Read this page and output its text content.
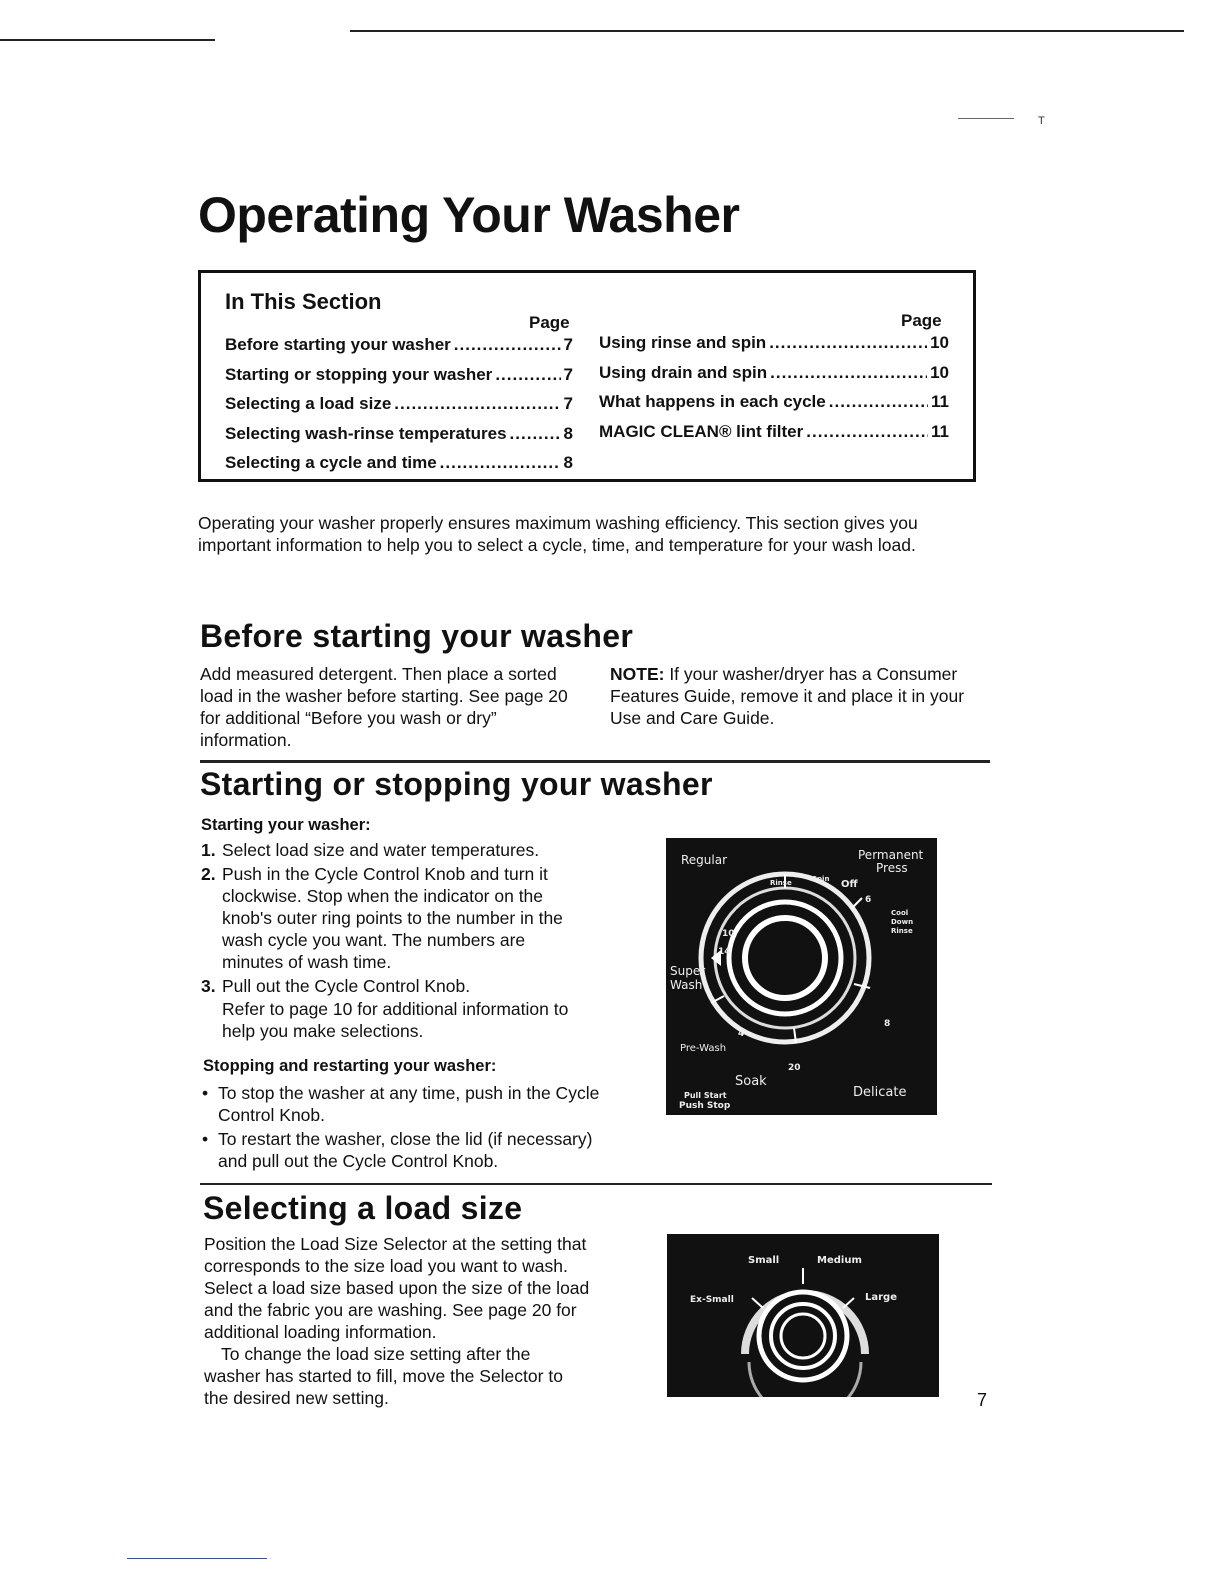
T
Operating Your Washer
In This Section
Page	Page
Before starting your washer .....	7
Starting or stopping your washer .....	7
Selecting a load size .....	7
Selecting wash-rinse temperatures .....	8
Selecting a cycle and time .....	8
Using rinse and spin .....	10
Using drain and spin .....	10
What happens in each cycle .....	11
MAGIC CLEAN® lint filter .....	11

Operating your washer properly ensures maximum washing efficiency. This section gives you important information to help you to select a cycle, time, and temperature for your wash load.

Before starting your washer

Add measured detergent. Then place a sorted load in the washer before starting. See page 20 for additional “Before you wash or dry” information.

NOTE: If your washer/dryer has a Consumer Features Guide, remove it and place it in your Use and Care Guide.

Starting or stopping your washer
Starting your washer:
1. Select load size and water temperatures.
2. Push in the Cycle Control Knob and turn it clockwise. Stop when the indicator on the knob's outer ring points to the number in the wash cycle you want. The numbers are minutes of wash time.
3. Pull out the Cycle Control Knob.
Refer to page 10 for additional information to help you make selections.
Stopping and restarting your washer:
• To stop the washer at any time, push in the Cycle Control Knob.
• To restart the washer, close the lid (if necessary) and pull out the Cycle Control Knob.
Regular	Permanent
Press
Super
Wash
Pre-Wash
Soak
Delicate
Pull Start
Push Stop
Rinse	Spin Off
10
14
6
4
20
8
Cool
Down
Rinse
Selecting a load size

Position the Load Size Selector at the setting that corresponds to the size load you want to wash. Select a load size based upon the size of the load and the fabric you are washing. See page 20 for additional loading information.

To change the load size setting after the washer has started to fill, move the Selector to the desired new setting.

Small	Medium
Ex-Small	Large
7
